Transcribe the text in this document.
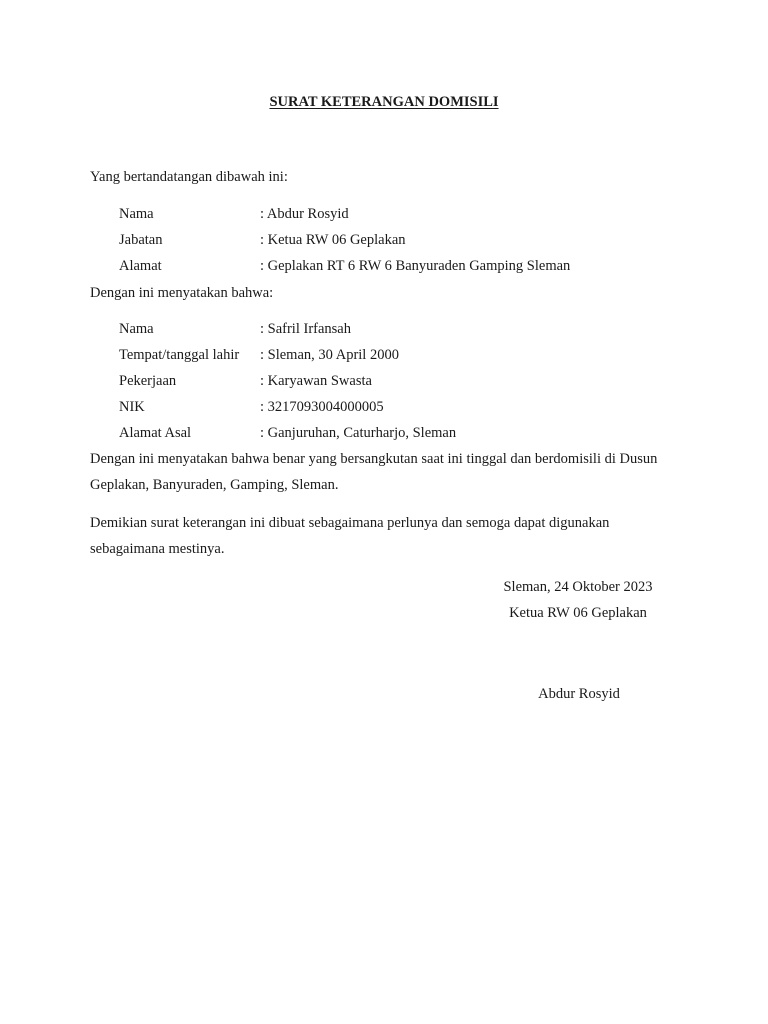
SURAT KETERANGAN DOMISILI
Yang bertandatangan dibawah ini:
Nama	: Abdur Rosyid
Jabatan	: Ketua RW 06 Geplakan
Alamat	: Geplakan RT 6 RW 6 Banyuraden Gamping Sleman
Dengan ini menyatakan bahwa:
Nama	: Safril Irfansah
Tempat/tanggal lahir : Sleman, 30 April 2000
Pekerjaan	: Karyawan Swasta
NIK	: 3217093004000005
Alamat Asal	: Ganjuruhan, Caturharjo, Sleman
Dengan ini menyatakan bahwa benar yang bersangkutan saat ini tinggal dan berdomisili di Dusun Geplakan, Banyuraden, Gamping, Sleman.
Demikian surat keterangan ini dibuat sebagaimana perlunya dan semoga dapat digunakan sebagaimana mestinya.
Sleman, 24 Oktober 2023
Ketua RW 06 Geplakan
Abdur Rosyid
